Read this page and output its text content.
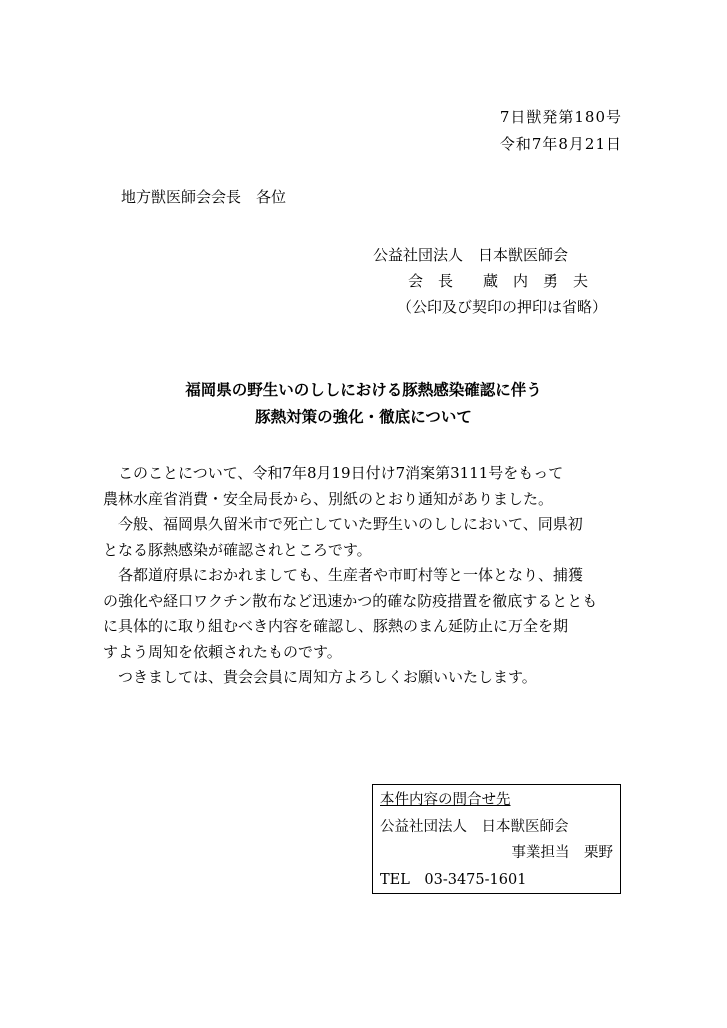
7日獣発第180号
令和7年8月21日
地方獣医師会会長　各位
公益社団法人　日本獣医師会
会　長　　蔵　内　勇　夫
（公印及び契印の押印は省略）
福岡県の野生いのししにおける豚熱感染確認に伴う
豚熱対策の強化・徹底について

このことについて、令和7年8月19日付け7消案第3111号をもって
農林水産省消費・安全局長から、別紙のとおり通知がありました。

今般、福岡県久留米市で死亡していた野生いのししにおいて、同県初
となる豚熱感染が確認されところです。

各都道府県におかれましても、生産者や市町村等と一体となり、捕獲
の強化や経口ワクチン散布など迅速かつ的確な防疫措置を徹底するととも
に具体的に取り組むべき内容を確認し、豚熱のまん延防止に万全を期
すよう周知を依頼されたものです。

つきましては、貴会会員に周知方よろしくお願いいたします。

本件内容の問合せ先
公益社団法人　日本獣医師会
事業担当　栗野
TEL　03-3475-1601
